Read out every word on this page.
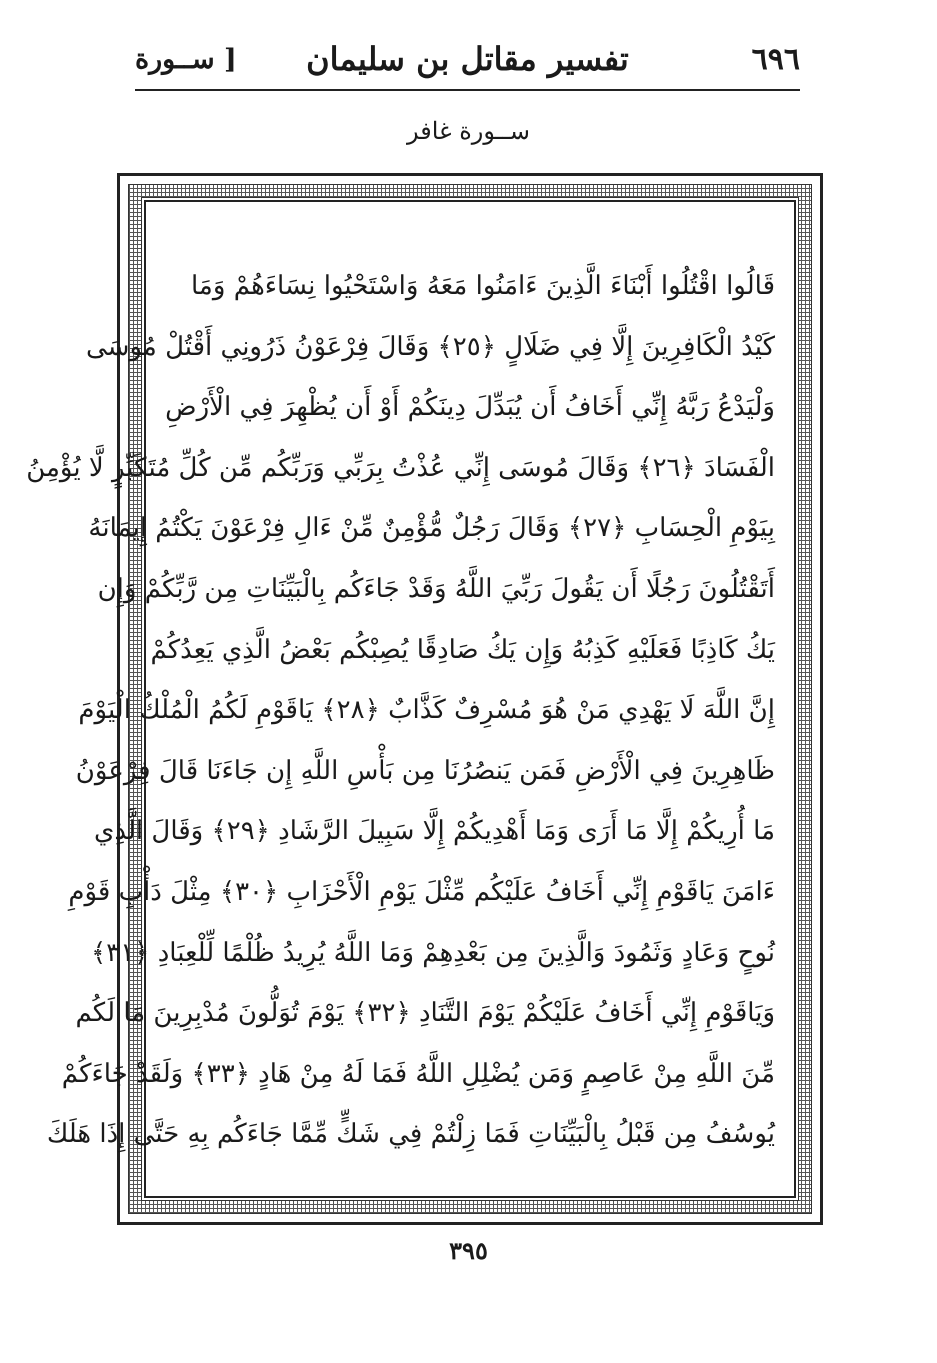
٦٩٦
تفسير مقاتل بن سليمان
[ ســورة
ســورة غافر
قَالُوا اقْتُلُوا أَبْنَاءَ الَّذِينَ ءَامَنُوا مَعَهُ وَاسْتَحْيُوا نِسَاءَهُمْ وَمَا
كَيْدُ الْكَافِرِينَ إِلَّا فِي ضَلَالٍ ﴿٢٥﴾ وَقَالَ فِرْعَوْنُ ذَرُونِي أَقْتُلْ مُوسَى
وَلْيَدْعُ رَبَّهُ إِنِّي أَخَافُ أَن يُبَدِّلَ دِينَكُمْ أَوْ أَن يُظْهِرَ فِي الْأَرْضِ
الْفَسَادَ ﴿٢٦﴾ وَقَالَ مُوسَى إِنِّي عُذْتُ بِرَبِّي وَرَبِّكُم مِّن كُلِّ مُتَكَبِّرٍ لَّا يُؤْمِنُ
بِيَوْمِ الْحِسَابِ ﴿٢٧﴾ وَقَالَ رَجُلٌ مُّؤْمِنٌ مِّنْ ءَالِ فِرْعَوْنَ يَكْتُمُ إِيمَانَهُ
أَتَقْتُلُونَ رَجُلًا أَن يَقُولَ رَبِّيَ اللَّهُ وَقَدْ جَاءَكُم بِالْبَيِّنَاتِ مِن رَّبِّكُمْ وَإِن
يَكُ كَاذِبًا فَعَلَيْهِ كَذِبُهُ وَإِن يَكُ صَادِقًا يُصِبْكُم بَعْضُ الَّذِي يَعِدُكُمْ
إِنَّ اللَّهَ لَا يَهْدِي مَنْ هُوَ مُسْرِفٌ كَذَّابٌ ﴿٢٨﴾ يَاقَوْمِ لَكُمُ الْمُلْكُ الْيَوْمَ
ظَاهِرِينَ فِي الْأَرْضِ فَمَن يَنصُرُنَا مِن بَأْسِ اللَّهِ إِن جَاءَنَا قَالَ فِرْعَوْنُ
مَا أُرِيكُمْ إِلَّا مَا أَرَى وَمَا أَهْدِيكُمْ إِلَّا سَبِيلَ الرَّشَادِ ﴿٢٩﴾ وَقَالَ الَّذِي
ءَامَنَ يَاقَوْمِ إِنِّي أَخَافُ عَلَيْكُم مِّثْلَ يَوْمِ الْأَحْزَابِ ﴿٣٠﴾ مِثْلَ دَأْبِ قَوْمِ
نُوحٍ وَعَادٍ وَثَمُودَ وَالَّذِينَ مِن بَعْدِهِمْ وَمَا اللَّهُ يُرِيدُ ظُلْمًا لِّلْعِبَادِ ﴿٣١﴾
وَيَاقَوْمِ إِنِّي أَخَافُ عَلَيْكُمْ يَوْمَ التَّنَادِ ﴿٣٢﴾ يَوْمَ تُوَلُّونَ مُدْبِرِينَ مَا لَكُم
مِّنَ اللَّهِ مِنْ عَاصِمٍ وَمَن يُضْلِلِ اللَّهُ فَمَا لَهُ مِنْ هَادٍ ﴿٣٣﴾ وَلَقَدْ جَاءَكُمْ
يُوسُفُ مِن قَبْلُ بِالْبَيِّنَاتِ فَمَا زِلْتُمْ فِي شَكٍّ مِّمَّا جَاءَكُم بِهِ حَتَّى إِذَا هَلَكَ
٣٩٥
